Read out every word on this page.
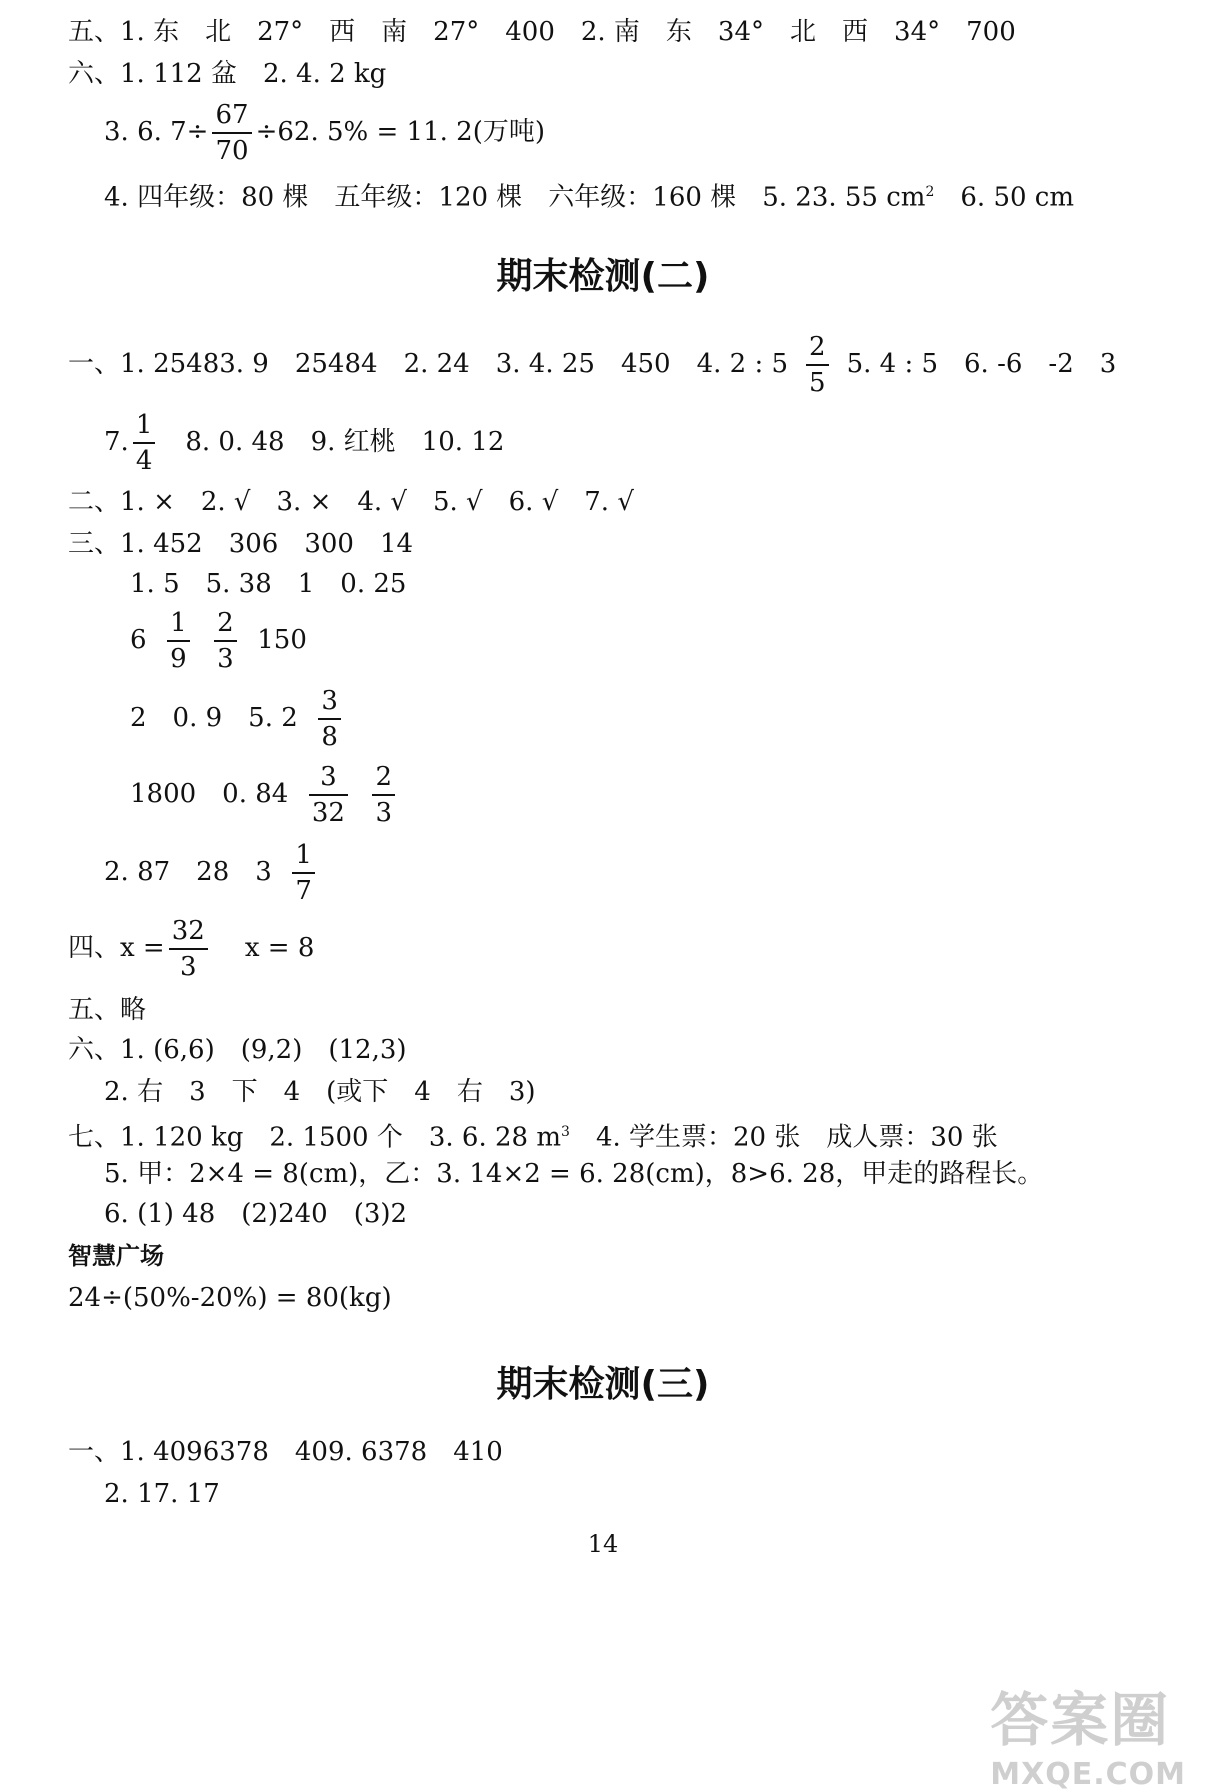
五、1. 东　北　27°　西　南　27°　400　2. 南　东　34°　北　西　34°　700
六、1. 112 盆　2. 4. 2 kg
3. 6. $7\div \frac{67}{70} \div 62$. 5% = 11. 2(万吨)
4. 四年级：80 棵　五年级：120 棵　六年级：160 棵　5. 23. 55 $cm^2$　6. 50 cm
期末检测(二)
一、1. 25483. 9　25484　2. 24　3. 4. 25　450　4. 2 : $5 \frac{2}{5} 5$. 4 : 5　6. -6　-2　3
7. $\frac{1}{4}$ 　8. 0. 48　9. 红桃　10. 12
二、1. ×　2. √　3. ×　4. √　5. √　6. √　7. √
三、1. 452　306　300　14
1. 5　5. 38　1　0. 25
$6 \frac{1}{9}$
$\frac{2}{3} 150$
2　0. 9　5. $2 \frac{3}{8}$
1800　0. $84 \frac{3}{32}$
$\frac{2}{3}$
2. 87　28　$3 \frac{1}{7}$
四、$x = \frac{32}{3}$ x = 8
五、略
六、1. (6,6)　(9,2)　(12,3)
2. 右　3　下　4　(或下　4　右　3)
七、1. 120 kg　2. 1500 个　3. 6. 28 $m^3$　4. 学生票：20 张　成人票：30 张
5. 甲：2×4 = 8(cm)，乙：3. 14×2 = 6. 28(cm)，8>6. 28，甲走的路程长。
6. (1) 48　(2)240　(3)2
智慧广场
24÷(50%-20%) = 80(kg)
期末检测(三)
一、1. 4096378　409. 6378　410
2. 17. 17
14
答案圈
MXQE.COM
